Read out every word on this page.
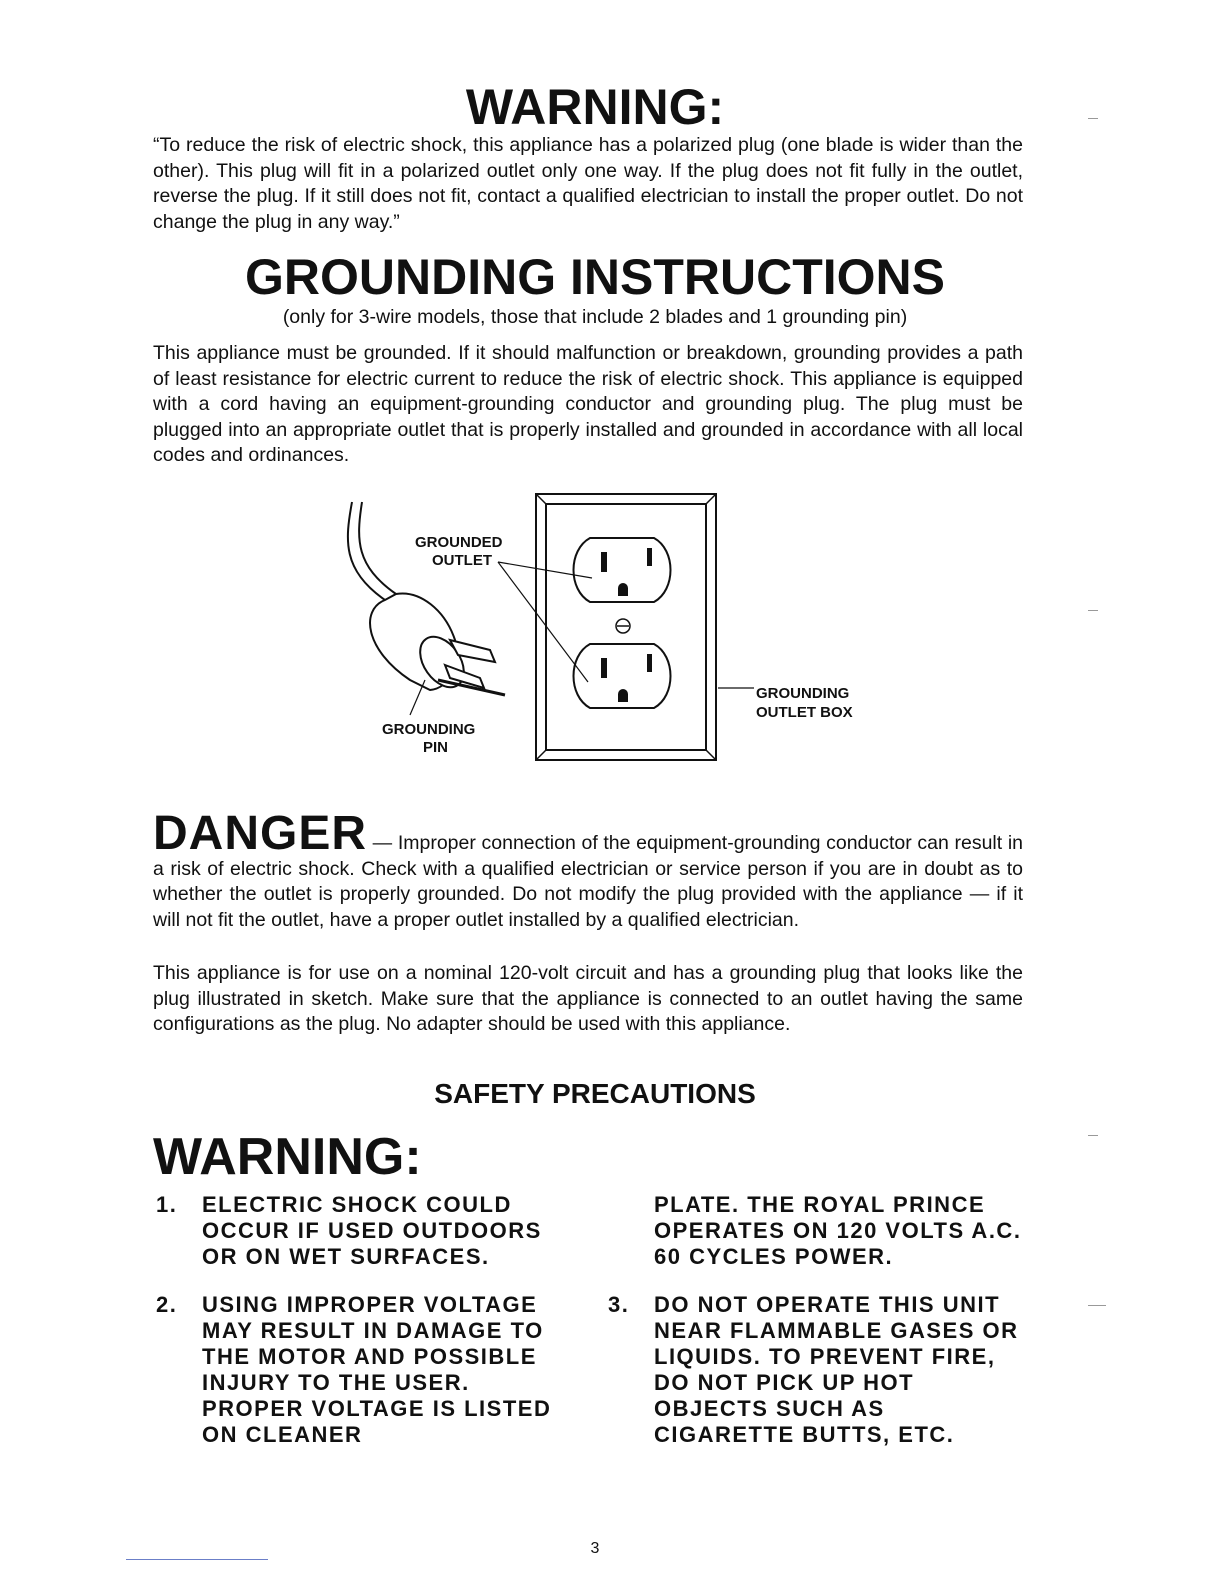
WARNING:
“To reduce the risk of electric shock, this appliance has a polarized plug (one blade is wider than the other). This plug will fit in a polarized outlet only one way. If the plug does not fit fully in the outlet, reverse the plug. If it still does not fit, contact a qualified electrician to install the proper outlet. Do not change the plug in any way.”
GROUNDING INSTRUCTIONS
(only for 3-wire models, those that include 2 blades and 1 grounding pin)
This appliance must be grounded. If it should malfunction or breakdown, grounding provides a path of least resistance for electric current to reduce the risk of electric shock. This appliance is equipped with a cord having an equipment-grounding conductor and grounding plug. The plug must be plugged into an appropriate outlet that is properly installed and grounded in accordance with all local codes and ordinances.
GROUNDED
OUTLET
GROUNDING
PIN
GROUNDING
OUTLET BOX
DANGER — Improper connection of the equipment-grounding conductor can result in a risk of electric shock. Check with a qualified electrician or service person if you are in doubt as to whether the outlet is properly grounded. Do not modify the plug provided with the appliance — if it will not fit the outlet, have a proper outlet installed by a qualified electrician.
This appliance is for use on a nominal 120-volt circuit and has a grounding plug that looks like the plug illustrated in sketch. Make sure that the appliance is connected to an outlet having the same configurations as the plug. No adapter should be used with this appliance.
SAFETY PRECAUTIONS
WARNING:
1. ELECTRIC SHOCK COULD OCCUR IF USED OUTDOORS OR ON WET SURFACES.
2. USING IMPROPER VOLTAGE MAY RESULT IN DAMAGE TO THE MOTOR AND POSSIBLE INJURY TO THE USER. PROPER VOLTAGE IS LISTED ON CLEANER
PLATE. THE ROYAL PRINCE OPERATES ON 120 VOLTS A.C. 60 CYCLES POWER.
3. DO NOT OPERATE THIS UNIT NEAR FLAMMABLE GASES OR LIQUIDS. TO PREVENT FIRE, DO NOT PICK UP HOT OBJECTS SUCH AS CIGARETTE BUTTS, ETC.
3
